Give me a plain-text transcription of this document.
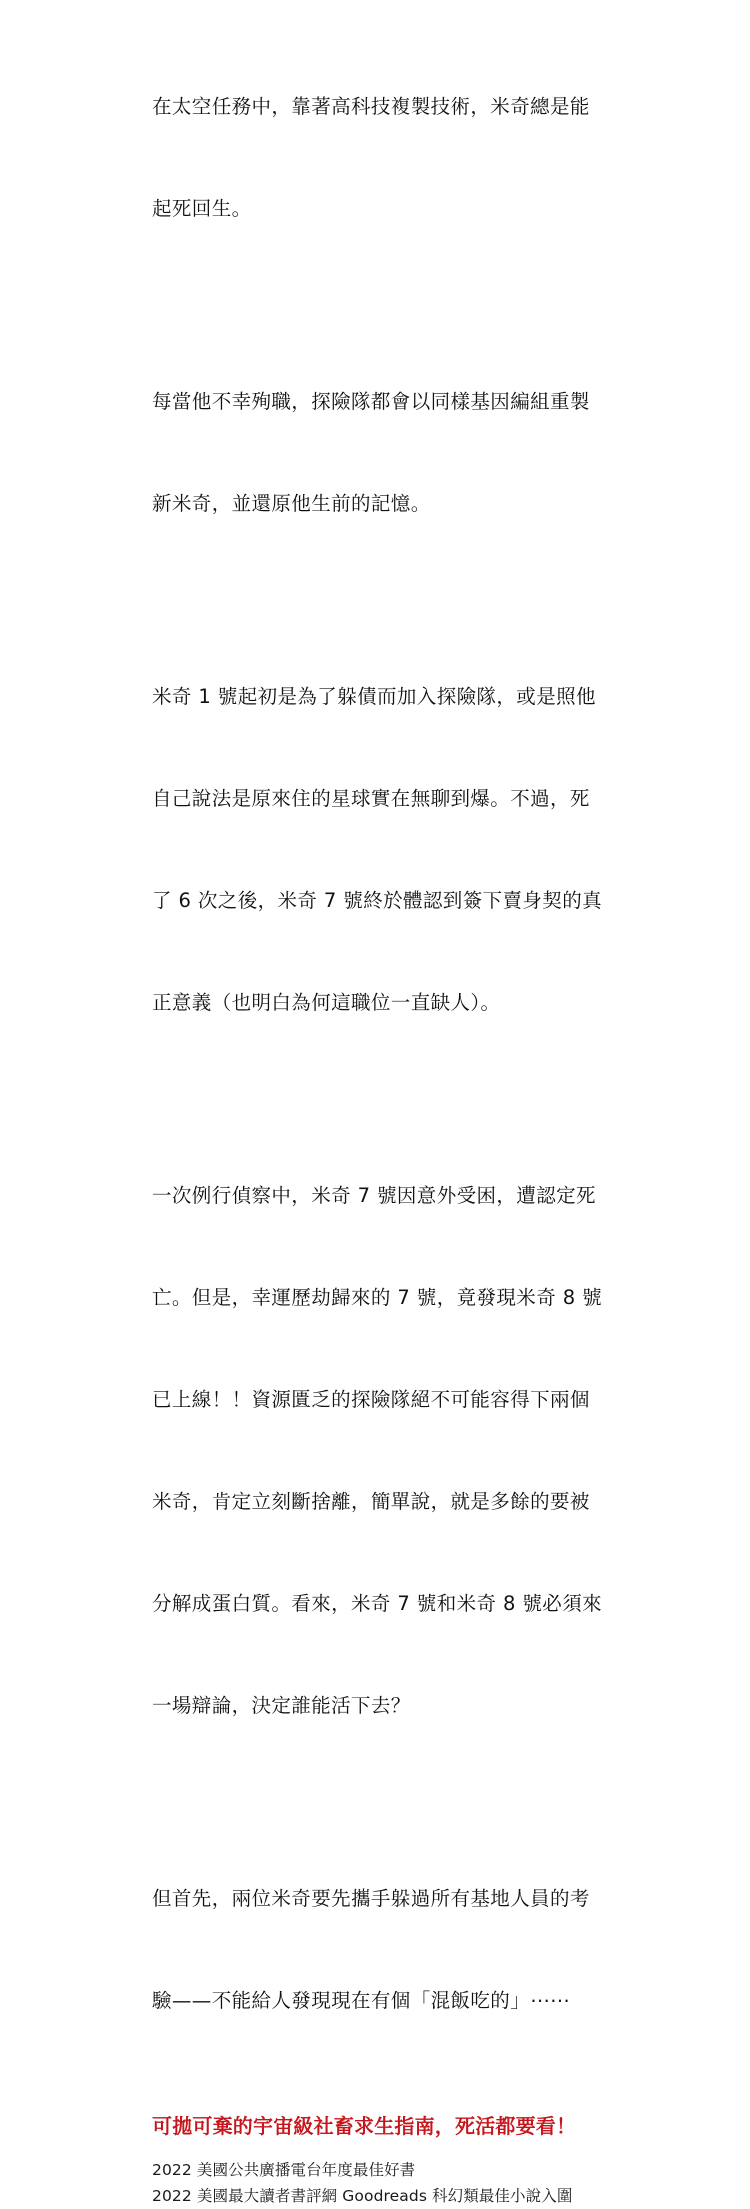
在太空任務中，靠著高科技複製技術，米奇總是能

起死回生。

每當他不幸殉職，探險隊都會以同樣基因編組重製

新米奇，並還原他生前的記憶。

米奇 1 號起初是為了躲債而加入探險隊，或是照他

自己說法是原來住的星球實在無聊到爆。不過，死

了 6 次之後，米奇 7 號終於體認到簽下賣身契的真

正意義（也明白為何這職位一直缺人）。

一次例行偵察中，米奇 7 號因意外受困，遭認定死

亡。但是，幸運歷劫歸來的 7 號，竟發現米奇 8 號

已上線！！資源匱乏的探險隊絕不可能容得下兩個

米奇，肯定立刻斷捨離，簡單說，就是多餘的要被

分解成蛋白質。看來，米奇 7 號和米奇 8 號必須來

一場辯論，決定誰能活下去？

但首先，兩位米奇要先攜手躲過所有基地人員的考

驗——不能給人發現現在有個「混飯吃的」⋯⋯

可拋可棄的宇宙級社畜求生指南，死活都要看！
2022 美國公共廣播電台年度最佳好書
2022 美國最大讀者書評網 Goodreads 科幻類最佳小說入圍
